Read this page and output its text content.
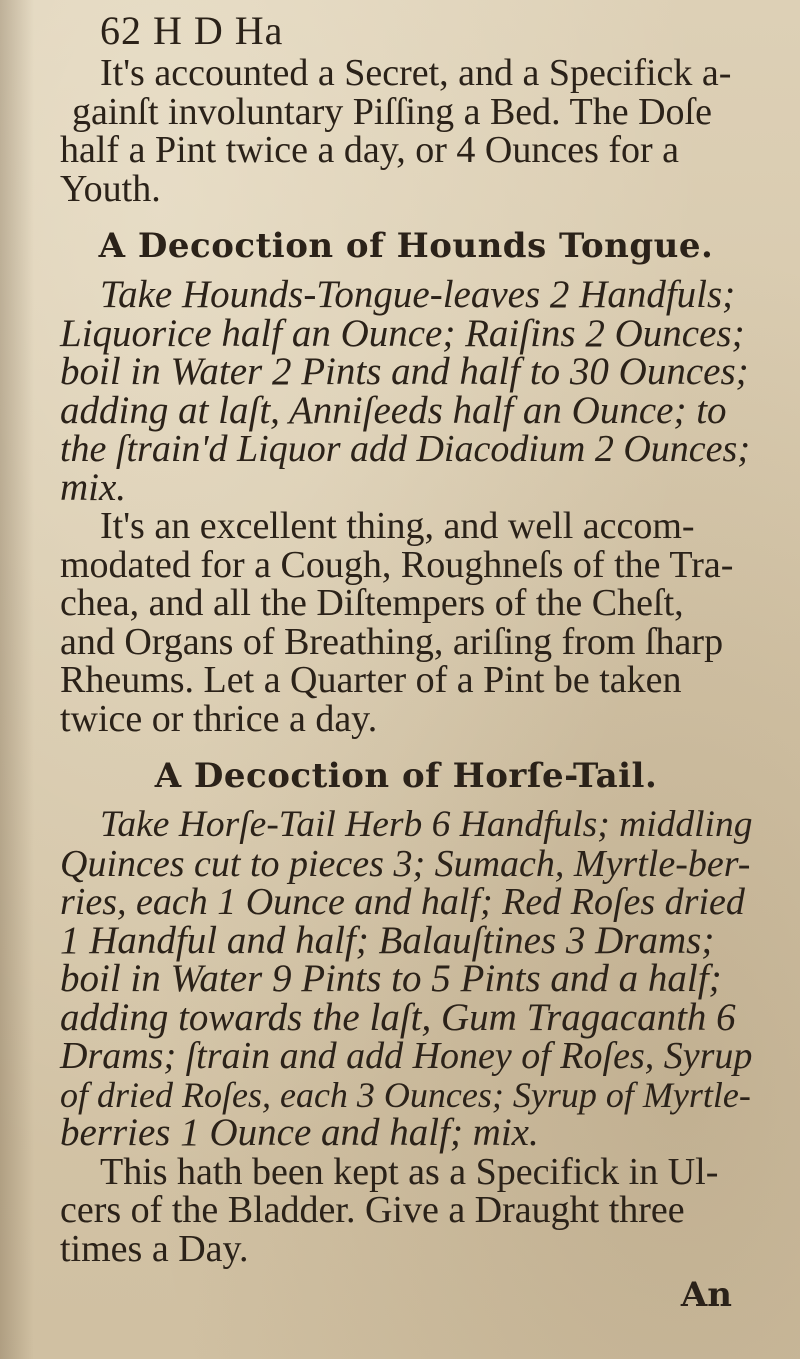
62 H D Ha
It's accounted a Secret, and a Specifick a-
gainſt involuntary Piſſing a Bed. The Doſe
half a Pint twice a day, or 4 Ounces for a
Youth.
A Decoction of Hounds Tongue.
Take Hounds-Tongue-leaves 2 Handfuls;
Liquorice half an Ounce; Raiſins 2 Ounces;
boil in Water 2 Pints and half to 30 Ounces;
adding at laſt, Anniſeeds half an Ounce; to
the ſtrain'd Liquor add Diacodium 2 Ounces;
mix.
It's an excellent thing, and well accom-
modated for a Cough, Roughneſs of the Tra-
chea, and all the Diſtempers of the Cheſt,
and Organs of Breathing, ariſing from ſharp
Rheums. Let a Quarter of a Pint be taken
twice or thrice a day.
A Decoction of Horſe-Tail.
Take Horſe-Tail Herb 6 Handfuls; middling
Quinces cut to pieces 3; Sumach, Myrtle-ber-
ries, each 1 Ounce and half; Red Roſes dried
1 Handful and half; Balauſtines 3 Drams;
boil in Water 9 Pints to 5 Pints and a half;
adding towards the laſt, Gum Tragacanth 6
Drams; ſtrain and add Honey of Roſes, Syrup
of dried Roſes, each 3 Ounces; Syrup of Myrtle-
berries 1 Ounce and half; mix.
This hath been kept as a Specifick in Ul-
cers of the Bladder. Give a Draught three
times a Day.
An
